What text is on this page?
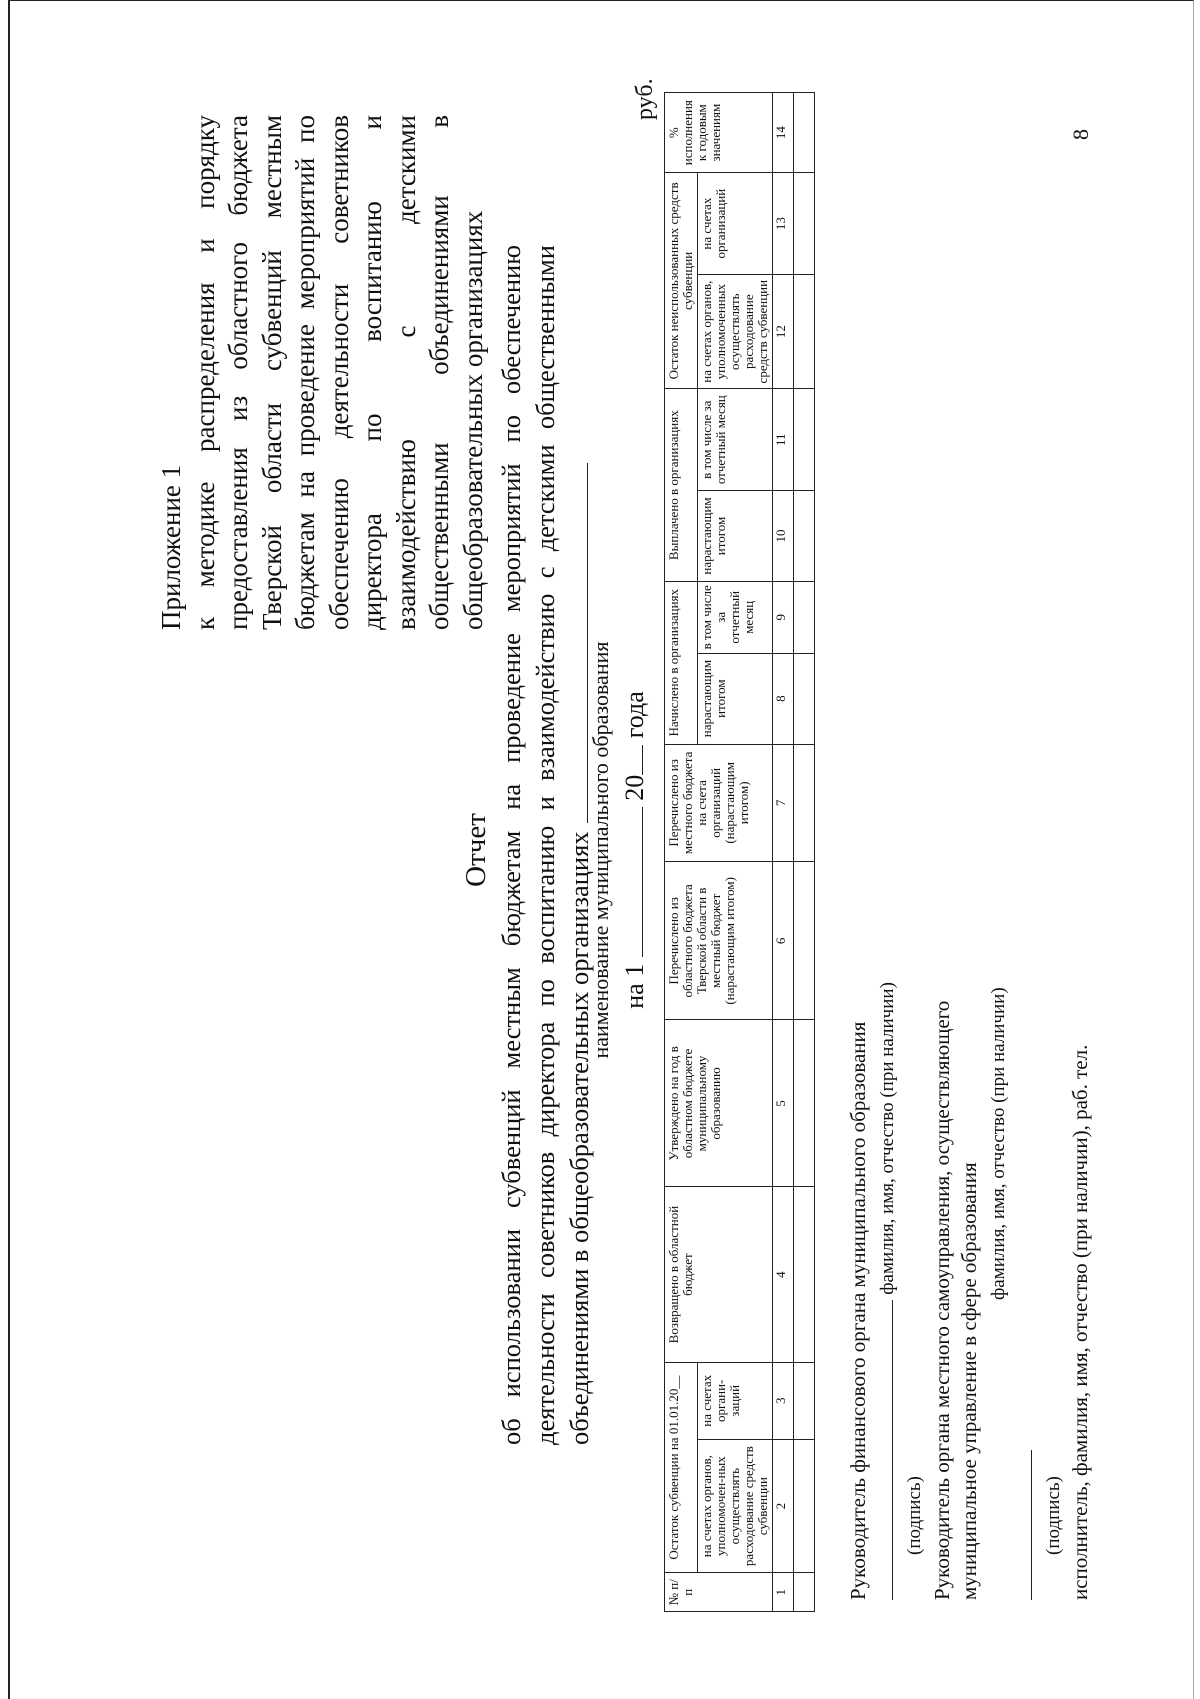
8
Приложение 1 к методике распределения и порядку предоставления из областного бюджета Тверской области субвенций местным бюджетам на проведение мероприятий по обеспечению деятельности советников директора по воспитанию и взаимодействию с детскими общественными объединениями в общеобразовательных организациях
Отчет об использовании субвенций местным бюджетам на проведение мероприятий по обеспечению деятельности советников директора по воспитанию и взаимодействию с детскими общественными объединениями в общеобразовательных организациях
наименование муниципального образования на 1  20 года
руб.
№ п/п	Остаток субвенции на 01.01.20__		Возвращено в областной бюджет	Утверждено на год в областном бюджете муниципальному образованию	Перечислено из областного бюджета Тверской области в местный бюджет (нарастающим итогом)	Перечислено из местного бюджета на счета организаций (нарастающим итогом)	Начислено в организациях		Выплачено в организациях		Остаток неиспользованных средств субвенции		% исполнения к годовым значениям
	на счетах органов, уполномочен-ных осуществлять расходование средств субвенции	на счетах органи-заций					нарастающим итогом	в том числе за отчетный месяц	нарастающим итогом	в том числе за отчетный месяц	на счетах органов, уполномоченных осуществлять расходование средств субвенции	на счетах организаций	
1	2	3	4	5	6	7	8	9	10	11	12	13	14

Руководитель финансового органа муниципального образования фамилия, имя, отчество (при наличии)
(подпись) Руководитель органа местного самоуправления, осуществляющего муниципальное управление в сфере образования
фамилия, имя, отчество (при наличии)
(подпись) исполнитель, фамилия, имя, отчество (при наличии), раб. тел.
